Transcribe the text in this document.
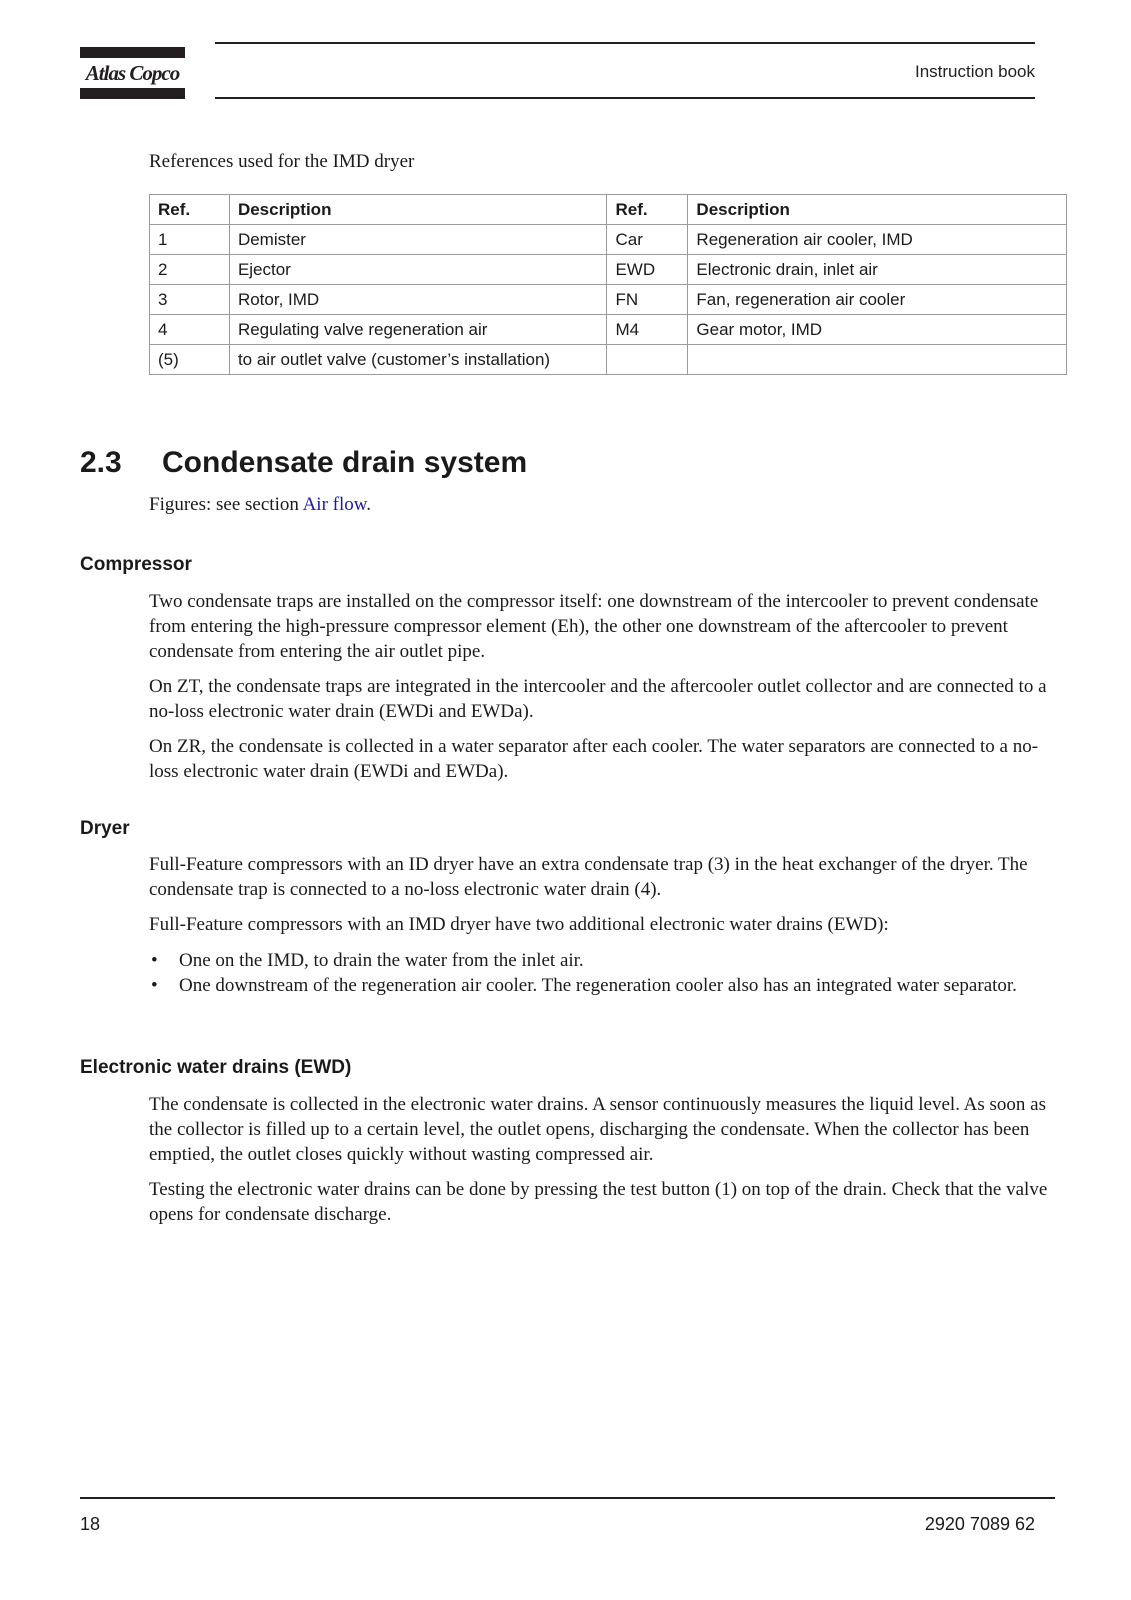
Atlas Copco	Instruction book
References used for the IMD dryer
Ref.	Description	Ref.	Description
1	Demister	Car	Regeneration air cooler, IMD
2	Ejector	EWD	Electronic drain, inlet air
3	Rotor, IMD	FN	Fan, regeneration air cooler
4	Regulating valve regeneration air	M4	Gear motor, IMD
(5)	to air outlet valve (customer’s installation)		
2.3 Condensate drain system
Figures: see section Air flow.
Compressor

Two condensate traps are installed on the compressor itself: one downstream of the intercooler to prevent condensate from entering the high-pressure compressor element (Eh), the other one downstream of the aftercooler to prevent condensate from entering the air outlet pipe.

On ZT, the condensate traps are integrated in the intercooler and the aftercooler outlet collector and are connected to a no-loss electronic water drain (EWDi and EWDa).

On ZR, the condensate is collected in a water separator after each cooler. The water separators are connected to a no-loss electronic water drain (EWDi and EWDa).

Dryer

Full-Feature compressors with an ID dryer have an extra condensate trap (3) in the heat exchanger of the dryer. The condensate trap is connected to a no-loss electronic water drain (4).

Full-Feature compressors with an IMD dryer have two additional electronic water drains (EWD):

• One on the IMD, to drain the water from the inlet air.
• One downstream of the regeneration air cooler. The regeneration cooler also has an integrated water separator.
Electronic water drains (EWD)

The condensate is collected in the electronic water drains. A sensor continuously measures the liquid level. As soon as the collector is filled up to a certain level, the outlet opens, discharging the condensate. When the collector has been emptied, the outlet closes quickly without wasting compressed air.

Testing the electronic water drains can be done by pressing the test button (1) on top of the drain. Check that the valve opens for condensate discharge.

18	2920 7089 62
